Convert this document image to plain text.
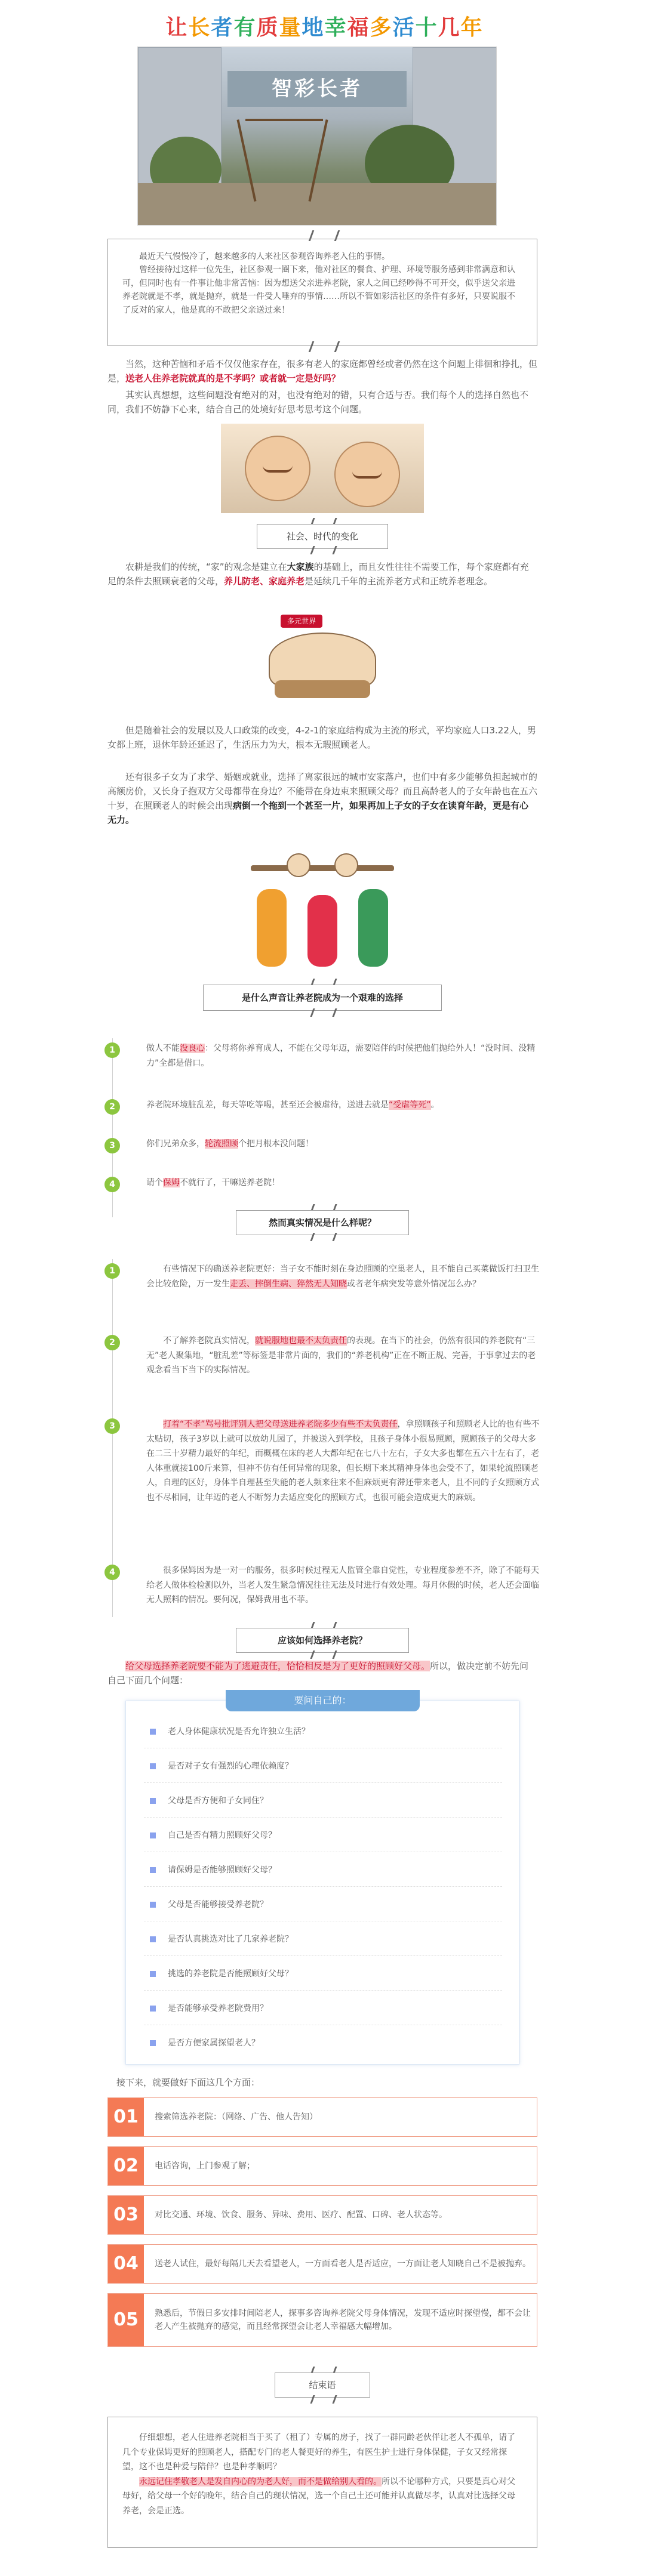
让长者有质量地幸福多活十几年
智彩长者

最近天气慢慢冷了，越来越多的人来社区参观咨询养老入住的事情。

曾经接待过这样一位先生，社区参观一圈下来，他对社区的餐食、护理、环境等服务感到非常满意和认可，但同时也有一件事让他非常苦恼：因为想送父亲进养老院，家人之间已经吵得不可开交，似乎送父亲进养老院就是不孝，就是抛弃，就是一件受人唾弃的事情……所以不管如彩活社区的条件有多好，只要说服不了反对的家人，他是真的不敢把父亲送过来！

当然，这种苦恼和矛盾不仅仅他家存在，很多有老人的家庭都曾经或者仍然在这个问题上徘徊和挣扎，但是，送老人住养老院就真的是不孝吗？或者就一定是好吗？
其实认真想想，这些问题没有绝对的对，也没有绝对的错，只有合适与否。我们每个人的选择自然也不同，我们不妨静下心来，结合自己的处境好好思考思考这个问题。
社会、时代的变化
农耕是我们的传统，“家”的观念是建立在大家族的基础上，而且女性往往不需要工作，每个家庭都有充足的条件去照顾衰老的父母，养儿防老、家庭养老是延续几千年的主流养老方式和正统养老理念。
多元世界
但是随着社会的发展以及人口政策的改变，4-2-1的家庭结构成为主流的形式，平均家庭人口3.22人，男女都上班，退休年龄还延迟了，生活压力为大，根本无瑕照顾老人。
还有很多子女为了求学、婚姻或就业，选择了离家很远的城市安家落户，也们中有多少能够负担起城市的高额房价，又长身子抱双方父母都带在身边？不能带在身边束来照顾父母？而且高龄老人的子女年龄也在五六十岁，在照顾老人的时候会出现病倒一个拖到一个甚至一片，如果再加上子女的子女在读育年龄，更是有心无力。
是什么声音让养老院成为一个艰难的选择
1	做人不能没良心：父母将你养育成人，不能在父母年迈，需要陪伴的时候把他们抛给外人！“没时间、没精力”全都是借口。
2	养老院环境脏乱差，每天等吃等喝，甚至还会被虐待，送进去就是“受虐等死”。
3	你们兄弟众多，轮流照顾个把月根本没问题！
4	请个保姆不就行了，干嘛送养老院！
然而真实情况是什么样呢？
1	有些情况下的确送养老院更好：当子女不能时刻在身边照顾的空巢老人，且不能自己买菜做饭打扫卫生会比较危险，万一发生走丢、摔倒生病、猝然无人知晓或者老年病突发等意外情况怎么办？
2	不了解养老院真实情况，就说服地也最不太负责任的表现。在当下的社会，仍然有很国的养老院有“三无”老人聚集地，“脏乱差”等标签是非常片面的，我们的“养老机构”正在不断正规、完善，于事拿过去的老观念看当下当下的实际情况。
3	打着“不孝”骂号批评别人把父母送进养老院多少有些不太负责任，拿照顾孩子和照顾老人比的也有些不太贴切，孩子3岁以上就可以放幼儿园了，并被送入到学校，且孩子身体小很易照顾，照顾孩子的父母大多在二三十岁精力最好的年纪，而概概在床的老人大都年纪在七八十左右，子女大多也都在五六十左右了，老人体重就接100斤来算，但神不仿有任何异常的现象，但长期下来其精神身体也会受不了，如果轮流照顾老人，自理的区好，身体半自理甚至失能的老人频来往来不但麻烦更有滞还带来老人，且不同的子女照顾方式也不尽相同，让年迈的老人不断努力去适应变化的照顾方式，也很可能会造成更大的麻烦。
4	很多保姆因为是一对一的服务，很多时候过程无人监管全靠自觉性，专业程度参差不齐，除了不能每天给老人做体检检测以外，当老人发生紧急情况往往无法及时进行有效处理。每月休假的时候，老人还会面临无人照料的情况。要何况，保姆费用也不菲。
应该如何选择养老院？
给父母选择养老院要不能为了逃避责任，恰恰相反是为了更好的照顾好父母。所以，做决定前不妨先问自己下面几个问题：
老人身体健康状况是否允许独立生活？
是否对子女有强烈的心理依赖度？
父母是否方便和子女同住？
自己是否有精力照顾好父母？
请保姆是否能够照顾好父母？
父母是否能够接受养老院？
是否认真挑选对比了几家养老院？
挑选的养老院是否能照顾好父母？
是否能够承受养老院费用？
是否方便家属探望老人？
要问自己的：
接下来，就要做好下面这几个方面：
01	搜索筛选养老院：（网络、广告、他人告知）
02	电话咨询，上门参观了解；
03	对比交通、环境、饮食、服务、异味、费用、医疗、配置、口碑、老人状态等。
04	送老人试住，最好每隔几天去看望老人，一方面看老人是否适应，一方面让老人知晓自己不是被抛弃。
05	熟悉后，节假日多安排时间陪老人，探事多咨询养老院父母身体情况，发现不适应时探望慢，都不会让老人产生被抛弃的感觉，而且经常探望会让老人幸福感大幅增加。
结束语

仔细想想，老人住进养老院相当于买了（租了）专属的房子，找了一群同龄老伙伴让老人不孤单，请了几个专业保姆更好的照顾老人，搭配专门的老人餐更好的养生，有医生护士进行身体保健，子女又经常探望，这不也是种爱与陪伴？也是种孝顺吗？

永远记住孝敬老人是发自内心的为老人好，而不是做给别人看的。所以不论哪种方式，只要是真心对父母好，给父母一个好的晚年，结合自己的现状情况，选一个自己土还可能并认真做尽孝，认真对比选择父母养老，会是正选。
